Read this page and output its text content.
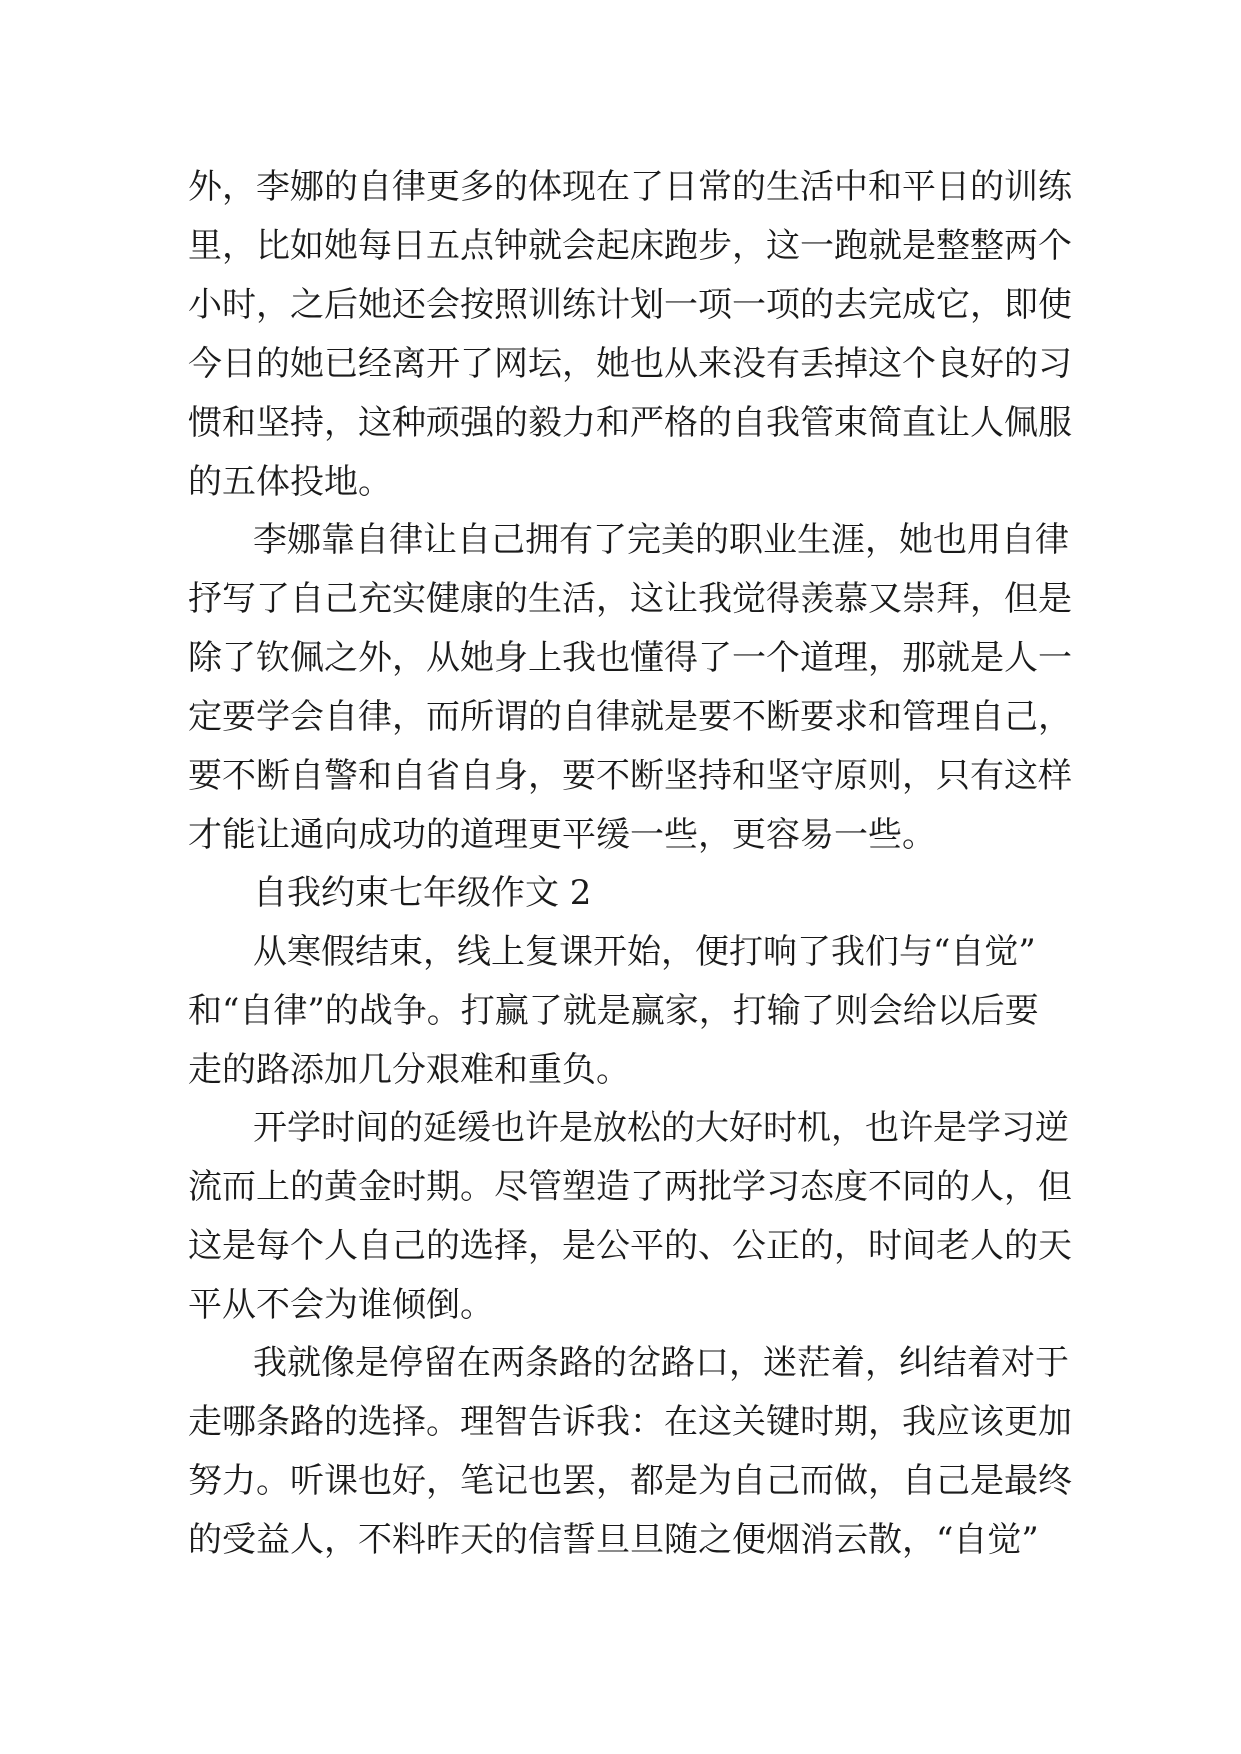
外，李娜的自律更多的体现在了日常的生活中和平日的训练
里，比如她每日五点钟就会起床跑步，这一跑就是整整两个
小时，之后她还会按照训练计划一项一项的去完成它，即使
今日的她已经离开了网坛，她也从来没有丢掉这个良好的习
惯和坚持，这种顽强的毅力和严格的自我管束简直让人佩服
的五体投地。
李娜靠自律让自己拥有了完美的职业生涯，她也用自律
抒写了自己充实健康的生活，这让我觉得羡慕又崇拜，但是
除了钦佩之外，从她身上我也懂得了一个道理，那就是人一
定要学会自律，而所谓的自律就是要不断要求和管理自己，
要不断自警和自省自身，要不断坚持和坚守原则，只有这样
才能让通向成功的道理更平缓一些，更容易一些。
自我约束七年级作文 2
从寒假结束，线上复课开始，便打响了我们与“自觉”
和“自律”的战争。打赢了就是赢家，打输了则会给以后要
走的路添加几分艰难和重负。
开学时间的延缓也许是放松的大好时机，也许是学习逆
流而上的黄金时期。尽管塑造了两批学习态度不同的人，但
这是每个人自己的选择，是公平的、公正的，时间老人的天
平从不会为谁倾倒。
我就像是停留在两条路的岔路口，迷茫着，纠结着对于
走哪条路的选择。理智告诉我：在这关键时期，我应该更加
努力。听课也好，笔记也罢，都是为自己而做，自己是最终
的受益人，不料昨天的信誓旦旦随之便烟消云散，“自觉”
